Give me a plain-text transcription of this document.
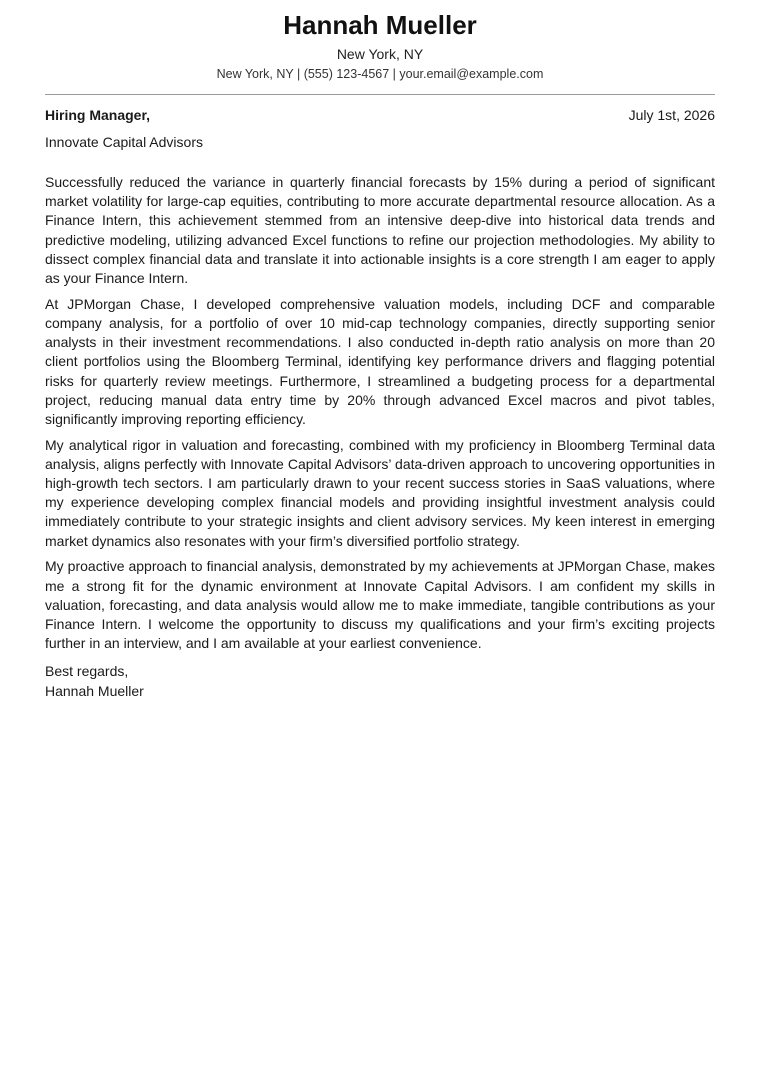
Hannah Mueller
New York, NY
New York, NY | (555) 123-4567 | your.email@example.com
Hiring Manager,	July 1st, 2026
Innovate Capital Advisors

Successfully reduced the variance in quarterly financial forecasts by 15% during a period of significant market volatility for large-cap equities, contributing to more accurate departmental resource allocation. As a Finance Intern, this achievement stemmed from an intensive deep-dive into historical data trends and predictive modeling, utilizing advanced Excel functions to refine our projection methodologies. My ability to dissect complex financial data and translate it into actionable insights is a core strength I am eager to apply as your Finance Intern.

At JPMorgan Chase, I developed comprehensive valuation models, including DCF and comparable company analysis, for a portfolio of over 10 mid-cap technology companies, directly supporting senior analysts in their investment recommendations. I also conducted in-depth ratio analysis on more than 20 client portfolios using the Bloomberg Terminal, identifying key performance drivers and flagging potential risks for quarterly review meetings. Furthermore, I streamlined a budgeting process for a departmental project, reducing manual data entry time by 20% through advanced Excel macros and pivot tables, significantly improving reporting efficiency.

My analytical rigor in valuation and forecasting, combined with my proficiency in Bloomberg Terminal data analysis, aligns perfectly with Innovate Capital Advisors’ data-driven approach to uncovering opportunities in high-growth tech sectors. I am particularly drawn to your recent success stories in SaaS valuations, where my experience developing complex financial models and providing insightful investment analysis could immediately contribute to your strategic insights and client advisory services. My keen interest in emerging market dynamics also resonates with your firm’s diversified portfolio strategy.

My proactive approach to financial analysis, demonstrated by my achievements at JPMorgan Chase, makes me a strong fit for the dynamic environment at Innovate Capital Advisors. I am confident my skills in valuation, forecasting, and data analysis would allow me to make immediate, tangible contributions as your Finance Intern. I welcome the opportunity to discuss my qualifications and your firm’s exciting projects further in an interview, and I am available at your earliest convenience.

Best regards,
Hannah Mueller
